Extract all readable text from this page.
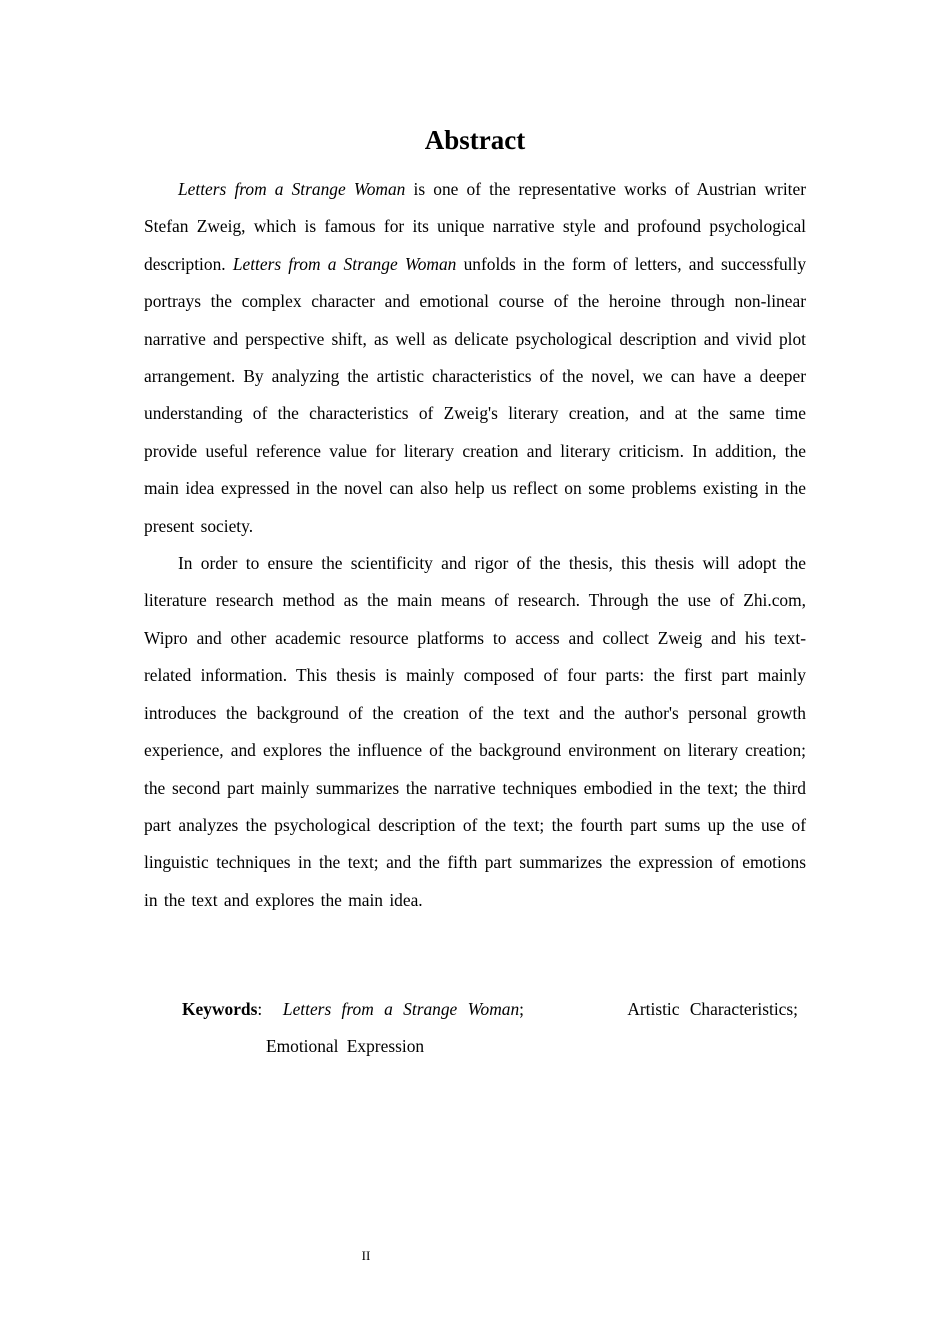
Abstract

Letters from a Strange Woman is one of the representative works of Austrian writer Stefan Zweig, which is famous for its unique narrative style and profound psychological description. Letters from a Strange Woman unfolds in the form of letters, and successfully portrays the complex character and emotional course of the heroine through non-linear narrative and perspective shift, as well as delicate psychological description and vivid plot arrangement. By analyzing the artistic characteristics of the novel, we can have a deeper understanding of the characteristics of Zweig's literary creation, and at the same time provide useful reference value for literary creation and literary criticism. In addition, the main idea expressed in the novel can also help us reflect on some problems existing in the present society.

In order to ensure the scientificity and rigor of the thesis, this thesis will adopt the literature research method as the main means of research. Through the use of Zhi.com, Wipro and other academic resource platforms to access and collect Zweig and his text-related information. This thesis is mainly composed of four parts: the first part mainly introduces the background of the creation of the text and the author's personal growth experience, and explores the influence of the background environment on literary creation; the second part mainly summarizes the narrative techniques embodied in the text; the third part analyzes the psychological description of the text; the fourth part sums up the use of linguistic techniques in the text; and the fifth part summarizes the expression of emotions in the text and explores the main idea.

Keywords: Letters from a Strange Woman;	Artistic Characteristics;
Emotional Expression
II
